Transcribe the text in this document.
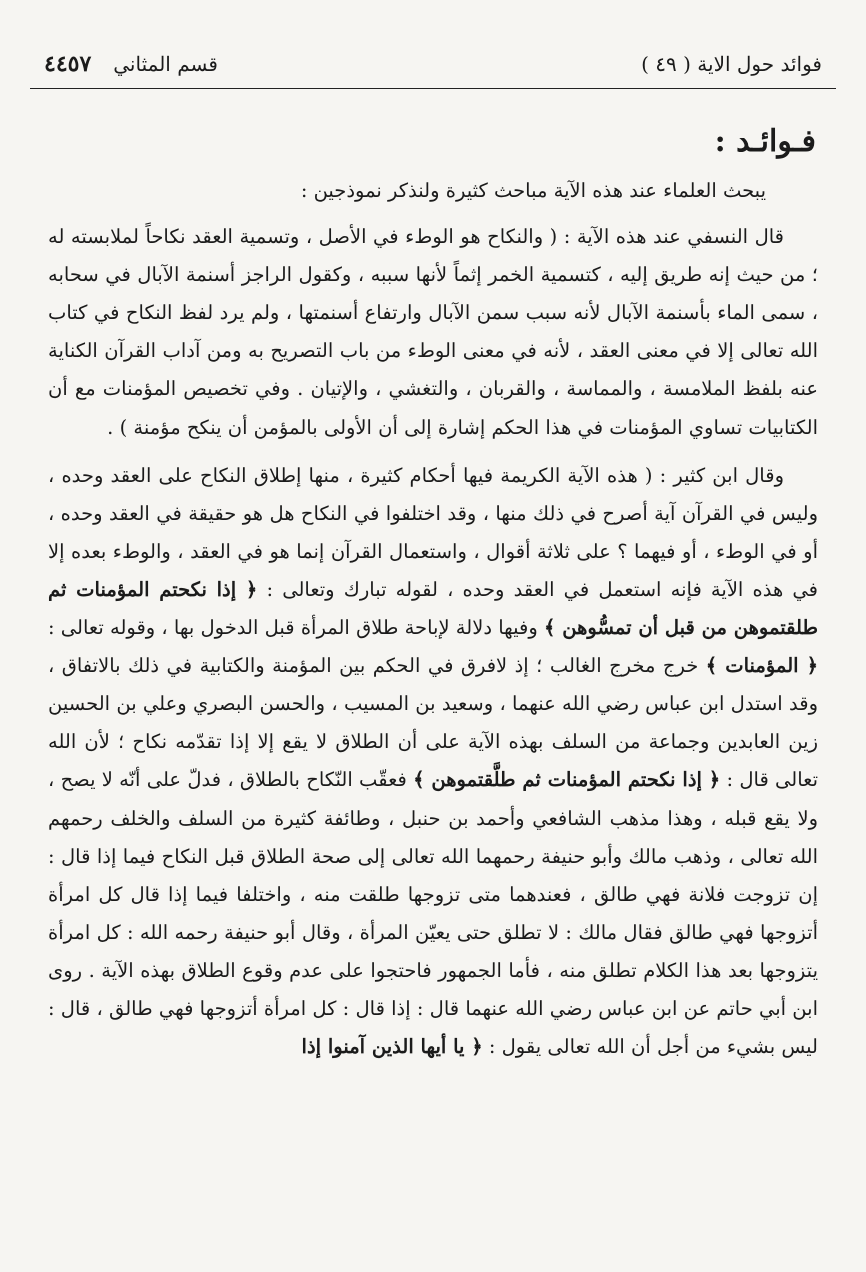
فوائد حول الاية ( ٤٩ )
قسم المثاني
٤٤٥٧
فـوائـد :

يبحث العلماء عند هذه الآية مباحث كثيرة ولنذكر نموذجين :

قال النسفي عند هذه الآية : ( والنكاح هو الوطء في الأصل ، وتسمية العقد نكاحاً لملابسته له ؛ من حيث إنه طريق إليه ، كتسمية الخمر إثماً لأنها سببه ، وكقول الراجز أسنمة الآبال في سحابه ، سمى الماء بأسنمة الآبال لأنه سبب سمن الآبال وارتفاع أسنمتها ، ولم يرد لفظ النكاح في كتاب الله تعالى إلا في معنى العقد ، لأنه في معنى الوطء من باب التصريح به ومن آداب القرآن الكناية عنه بلفظ الملامسة ، والمماسة ، والقربان ، والتغشي ، والإتيان . وفي تخصيص المؤمنات مع أن الكتابيات تساوي المؤمنات في هذا الحكم إشارة إلى أن الأولى بالمؤمن أن ينكح مؤمنة ) .

وقال ابن كثير : ( هذه الآية الكريمة فيها أحكام كثيرة ، منها إطلاق النكاح على العقد وحده ، وليس في القرآن آية أصرح في ذلك منها ، وقد اختلفوا في النكاح هل هو حقيقة في العقد وحده ، أو في الوطء ، أو فيهما ؟ على ثلاثة أقوال ، واستعمال القرآن إنما هو في العقد ، والوطء بعده إلا في هذه الآية فإنه استعمل في العقد وحده ، لقوله تبارك وتعالى : ﴿ إذا نكحتم المؤمنات ثم طلقتموهن من قبل أن تمسُّوهن ﴾ وفيها دلالة لإباحة طلاق المرأة قبل الدخول بها ، وقوله تعالى : ﴿ المؤمنات ﴾ خرج مخرج الغالب ؛ إذ لافرق في الحكم بين المؤمنة والكتابية في ذلك بالاتفاق ، وقد استدل ابن عباس رضي الله عنهما ، وسعيد بن المسيب ، والحسن البصري وعلي بن الحسين زين العابدين وجماعة من السلف بهذه الآية على أن الطلاق لا يقع إلا إذا تقدّمه نكاح ؛ لأن الله تعالى قال : ﴿ إذا نكحتم المؤمنات ثم طلَّقتموهن ﴾ فعقّب النّكاح بالطلاق ، فدلّ على أنّه لا يصح ، ولا يقع قبله ، وهذا مذهب الشافعي وأحمد بن حنبل ، وطائفة كثيرة من السلف والخلف رحمهم الله تعالى ، وذهب مالك وأبو حنيفة رحمهما الله تعالى إلى صحة الطلاق قبل النكاح فيما إذا قال : إن تزوجت فلانة فهي طالق ، فعندهما متى تزوجها طلقت منه ، واختلفا فيما إذا قال كل امرأة أتزوجها فهي طالق فقال مالك : لا تطلق حتى يعيّن المرأة ، وقال أبو حنيفة رحمه الله : كل امرأة يتزوجها بعد هذا الكلام تطلق منه ، فأما الجمهور فاحتجوا على عدم وقوع الطلاق بهذه الآية . روى ابن أبي حاتم عن ابن عباس رضي الله عنهما قال : إذا قال : كل امرأة أتزوجها فهي طالق ، قال : ليس بشيء من أجل أن الله تعالى يقول : ﴿ يا أيها الذين آمنوا إذا
